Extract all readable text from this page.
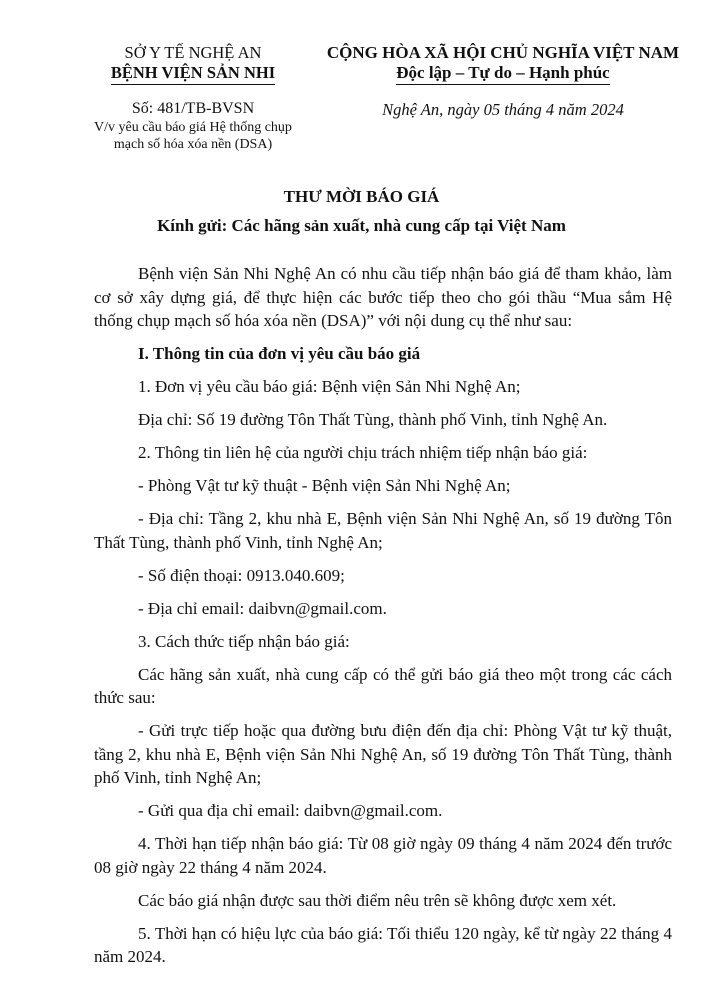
SỞ Y TẾ NGHỆ AN
BỆNH VIỆN SẢN NHI
Số: 481/TB-BVSN
V/v yêu cầu báo giá Hệ thống chụp
mạch số hóa xóa nền (DSA)
CỘNG HÒA XÃ HỘI CHỦ NGHĨA VIỆT NAM
Độc lập – Tự do – Hạnh phúc
Nghệ An, ngày 05 tháng 4 năm 2024
THƯ MỜI BÁO GIÁ
Kính gửi: Các hãng sản xuất, nhà cung cấp tại Việt Nam

Bệnh viện Sản Nhi Nghệ An có nhu cầu tiếp nhận báo giá để tham khảo, làm cơ sở xây dựng giá, để thực hiện các bước tiếp theo cho gói thầu “Mua sắm Hệ thống chụp mạch số hóa xóa nền (DSA)” với nội dung cụ thể như sau:

I. Thông tin của đơn vị yêu cầu báo giá

1. Đơn vị yêu cầu báo giá: Bệnh viện Sản Nhi Nghệ An;

Địa chỉ: Số 19 đường Tôn Thất Tùng, thành phố Vinh, tỉnh Nghệ An.

2. Thông tin liên hệ của người chịu trách nhiệm tiếp nhận báo giá:

- Phòng Vật tư kỹ thuật - Bệnh viện Sản Nhi Nghệ An;

- Địa chỉ: Tầng 2, khu nhà E, Bệnh viện Sản Nhi Nghệ An, số 19 đường Tôn Thất Tùng, thành phố Vinh, tỉnh Nghệ An;

- Số điện thoại: 0913.040.609;

- Địa chỉ email: daibvn@gmail.com.

3. Cách thức tiếp nhận báo giá:

Các hãng sản xuất, nhà cung cấp có thể gửi báo giá theo một trong các cách thức sau:

- Gửi trực tiếp hoặc qua đường bưu điện đến địa chỉ: Phòng Vật tư kỹ thuật, tầng 2, khu nhà E, Bệnh viện Sản Nhi Nghệ An, số 19 đường Tôn Thất Tùng, thành phố Vinh, tỉnh Nghệ An;

- Gửi qua địa chỉ email: daibvn@gmail.com.

4. Thời hạn tiếp nhận báo giá: Từ 08 giờ ngày 09 tháng 4 năm 2024 đến trước 08 giờ ngày 22 tháng 4 năm 2024.

Các báo giá nhận được sau thời điểm nêu trên sẽ không được xem xét.

5. Thời hạn có hiệu lực của báo giá: Tối thiểu 120 ngày, kể từ ngày 22 tháng 4 năm 2024.
